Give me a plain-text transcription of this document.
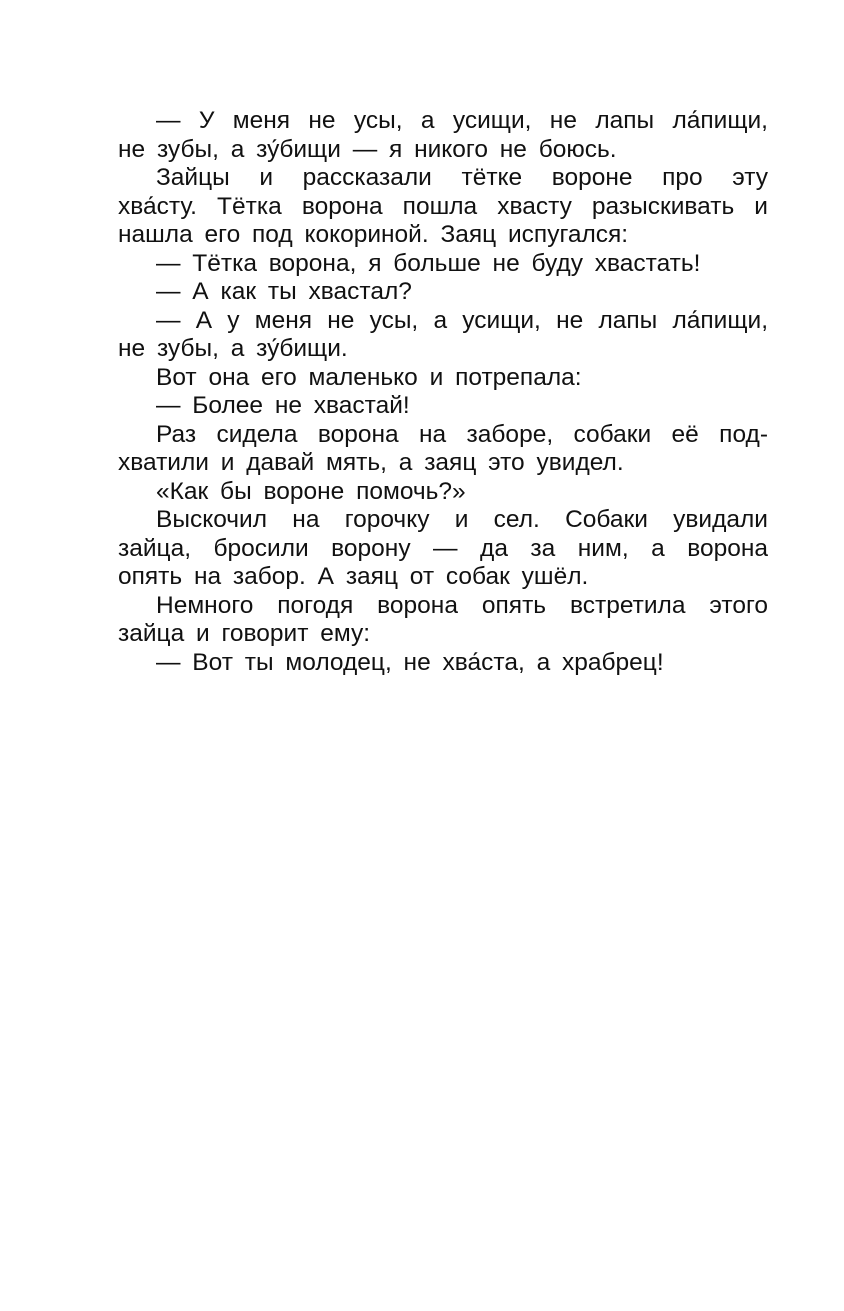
— У меня не усы, а усищи, не лапы ла́пищи,
не зубы, а зу́бищи — я никого не боюсь.
Зайцы и рассказали тётке вороне про эту
хва́сту. Тётка ворона пошла хвасту разыскивать и
нашла его под кокориной. Заяц испугался:
— Тётка ворона, я больше не буду хвастать!
— А как ты хвастал?
— А у меня не усы, а усищи, не лапы ла́пищи,
не зубы, а зу́бищи.
Вот она его маленько и потрепала:
— Более не хвастай!
Раз сидела ворона на заборе, собаки её под-
хватили и давай мять, а заяц это увидел.
«Как бы вороне помочь?»
Выскочил на горочку и сел. Собаки увидали
зайца, бросили ворону — да за ним, а ворона
опять на забор. А заяц от собак ушёл.
Немного погодя ворона опять встретила этого
зайца и говорит ему:
— Вот ты молодец, не хва́ста, а храбрец!
